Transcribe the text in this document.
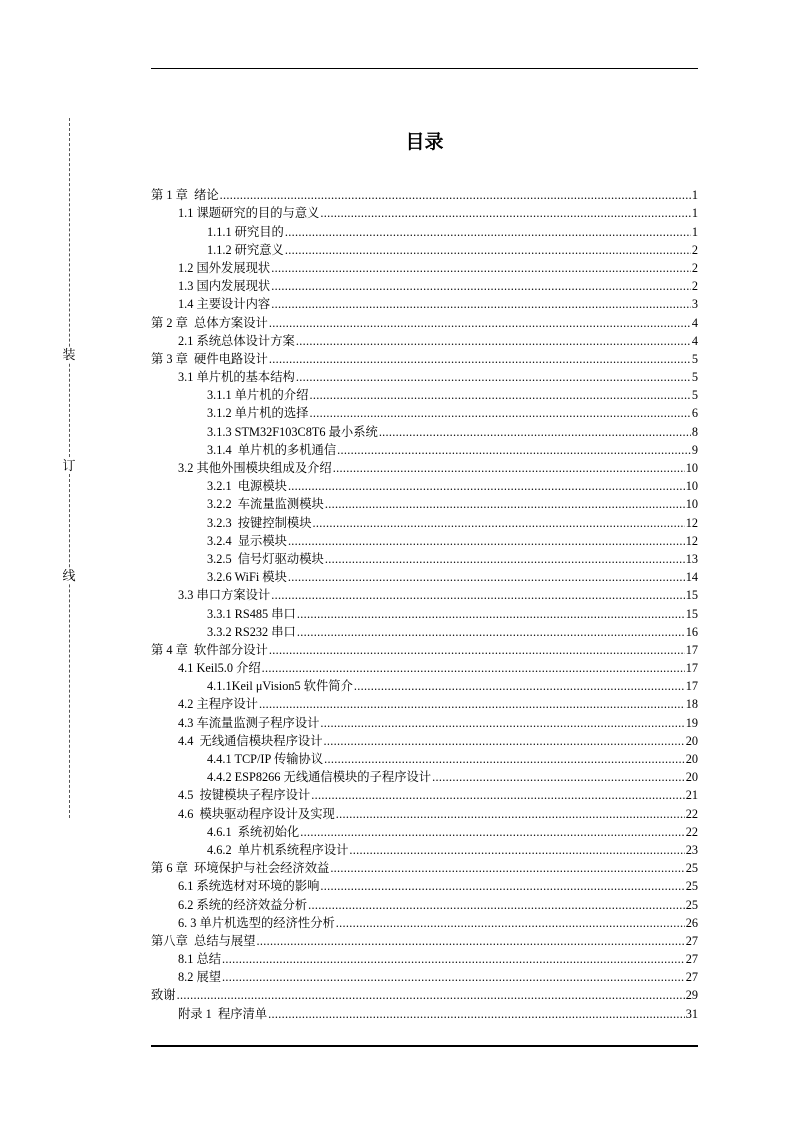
装
订
线
目录
第 1 章  绪论 .....	1
1.1 课题研究的目的与意义 .....	1
1.1.1 研究目的 .....	1
1.1.2 研究意义 .....	2
1.2 国外发展现状 .....	2
1.3 国内发展现状 .....	2
1.4 主要设计内容 .....	3
第 2 章  总体方案设计 .....	4
2.1 系统总体设计方案 .....	4
第 3 章  硬件电路设计 .....	5
3.1 单片机的基本结构 .....	5
3.1.1 单片机的介绍 .....	5
3.1.2 单片机的选择 .....	6
3.1.3 STM32F103C8T6 最小系统 .....	8
3.1.4  单片机的多机通信 .....	9
3.2 其他外围模块组成及介绍 .....	10
3.2.1  电源模块 .....	10
3.2.2  车流量监测模块 .....	10
3.2.3  按键控制模块 .....	12
3.2.4  显示模块 .....	12
3.2.5  信号灯驱动模块 .....	13
3.2.6 WiFi 模块 .....	14
3.3 串口方案设计 .....	15
3.3.1 RS485 串口 .....	15
3.3.2 RS232 串口 .....	16
第 4 章  软件部分设计 .....	17
4.1 Keil5.0 介绍 .....	17
4.1.1Keil μVision5 软件简介 .....	17
4.2 主程序设计 .....	18
4.3 车流量监测子程序设计 .....	19
4.4  无线通信模块程序设计 .....	20
4.4.1 TCP/IP 传输协议 .....	20
4.4.2 ESP8266 无线通信模块的子程序设计 .....	20
4.5  按键模块子程序设计 .....	21
4.6  模块驱动程序设计及实现 .....	22
4.6.1  系统初始化 .....	22
4.6.2  单片机系统程序设计 .....	23
第 6 章  环境保护与社会经济效益 .....	25
6.1 系统选材对环境的影响 .....	25
6.2 系统的经济效益分析 .....	25
6. 3 单片机选型的经济性分析 .....	26
第八章  总结与展望 .....	27
8.1 总结 .....	27
8.2 展望 .....	27
致谢 .....	29
附录 1  程序清单 .....	31
